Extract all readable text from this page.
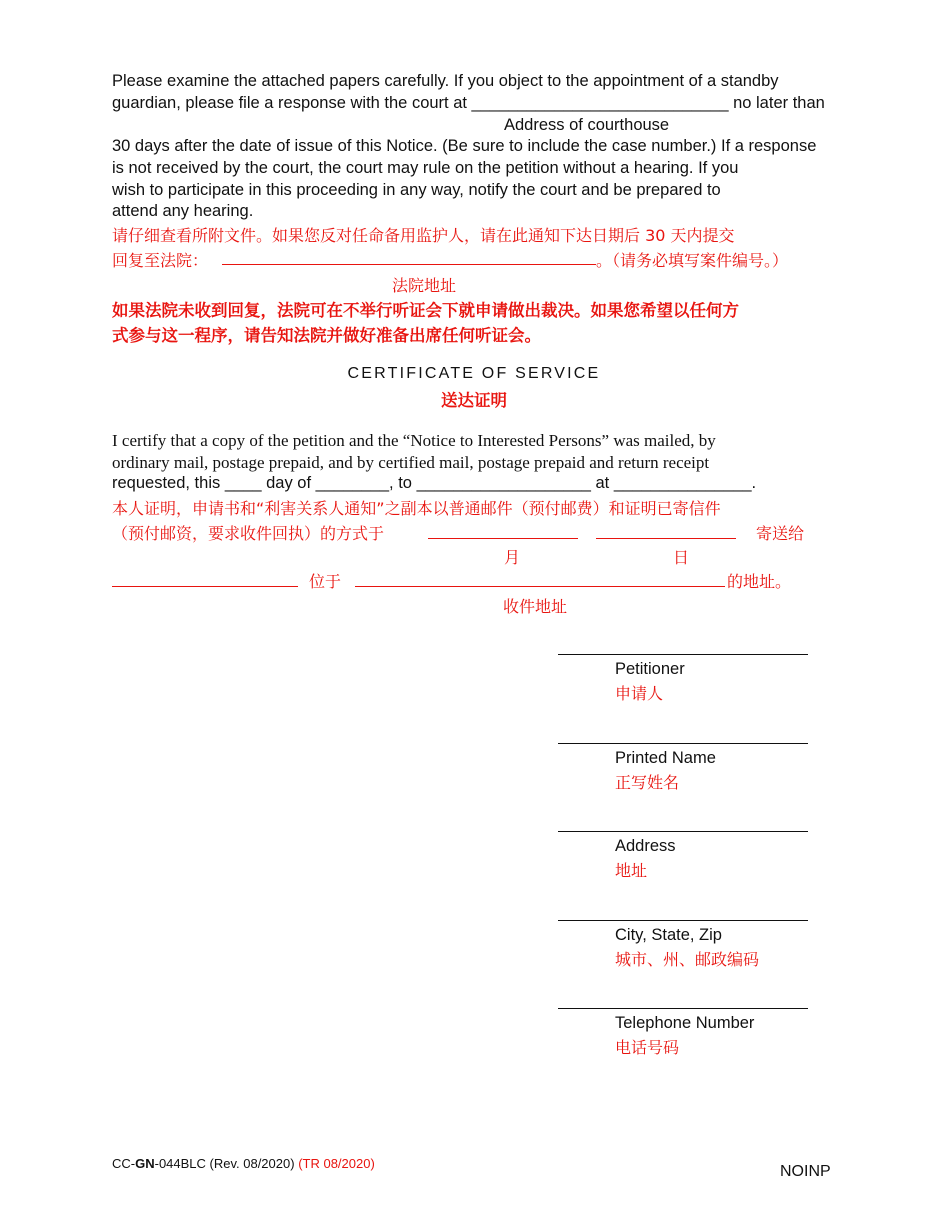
Please examine the attached papers carefully. If you object to the appointment of a standby
guardian, please file a response with the court at ____________________________ no later than
Address of courthouse
30 days after the date of issue of this Notice. (Be sure to include the case number.) If a response
is not received by the court, the court may rule on the petition without a hearing. If you
wish to participate in this proceeding in any way, notify the court and be prepared to
attend any hearing.
请仔细查看所附文件。如果您反对任命备用监护人，请在此通知下达日期后 30 天内提交
回复至法院：	。（请务必填写案件编号。）
法院地址
如果法院未收到回复，法院可在不举行听证会下就申请做出裁决。如果您希望以任何方
式参与这一程序，请告知法院并做好准备出席任何听证会。
CERTIFICATE OF SERVICE
送达证明
I certify that a copy of the petition and the “Notice to Interested Persons” was mailed, by
ordinary mail, postage prepaid, and by certified mail, postage prepaid and return receipt
requested, this ____ day of ________, to ___________________ at _______________.
本人证明，申请书和“利害关系人通知”之副本以普通邮件（预付邮费）和证明已寄信件
（预付邮资，要求收件回执）的方式于	寄送给
月	日
位于	的地址。
收件地址
Petitioner
申请人
Printed Name
正写姓名
Address
地址
City, State, Zip
城市、州、邮政编码
Telephone Number
电话号码
CC-GN-044BLC (Rev. 08/2020) (TR 08/2020)	NOINP
